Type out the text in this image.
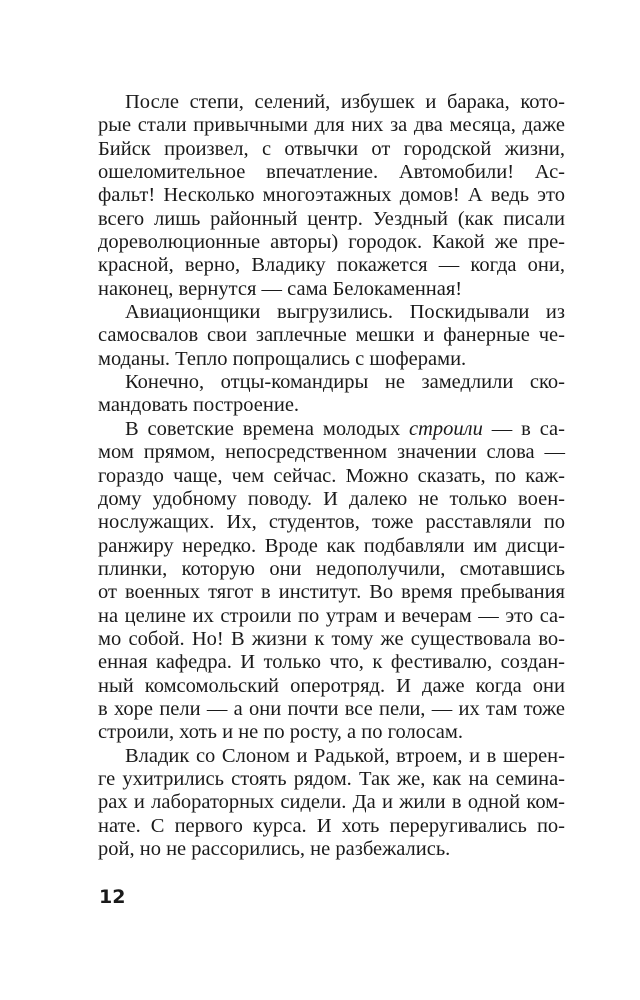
После степи, селений, избушек и барака, кото-
рые стали привычными для них за два месяца, даже
Бийск произвел, с отвычки от городской жизни,
ошеломительное впечатление. Автомобили! Ас-
фальт! Несколько многоэтажных домов! А ведь это
всего лишь районный центр. Уездный (как писали
дореволюционные авторы) городок. Какой же пре-
красной, верно, Владику покажется — когда они,
наконец, вернутся — сама Белокаменная!
Авиационщики выгрузились. Поскидывали из
самосвалов свои заплечные мешки и фанерные че-
моданы. Тепло попрощались с шоферами.
Конечно, отцы-командиры не замедлили ско-
мандовать построение.
В советские времена молодых строили — в са-
мом прямом, непосредственном значении слова —
гораздо чаще, чем сейчас. Можно сказать, по каж-
дому удобному поводу. И далеко не только воен-
нослужащих. Их, студентов, тоже расставляли по
ранжиру нередко. Вроде как подбавляли им дисци-
плинки, которую они недополучили, смотавшись
от военных тягот в институт. Во время пребывания
на целине их строили по утрам и вечерам — это са-
мо собой. Но! В жизни к тому же существовала во-
енная кафедра. И только что, к фестивалю, создан-
ный комсомольский оперотряд. И даже когда они
в хоре пели — а они почти все пели, — их там тоже
строили, хоть и не по росту, а по голосам.
Владик со Слоном и Радькой, втроем, и в шерен-
ге ухитрились стоять рядом. Так же, как на семина-
рах и лабораторных сидели. Да и жили в одной ком-
нате. С первого курса. И хоть переругивались по-
рой, но не рассорились, не разбежались.
12
